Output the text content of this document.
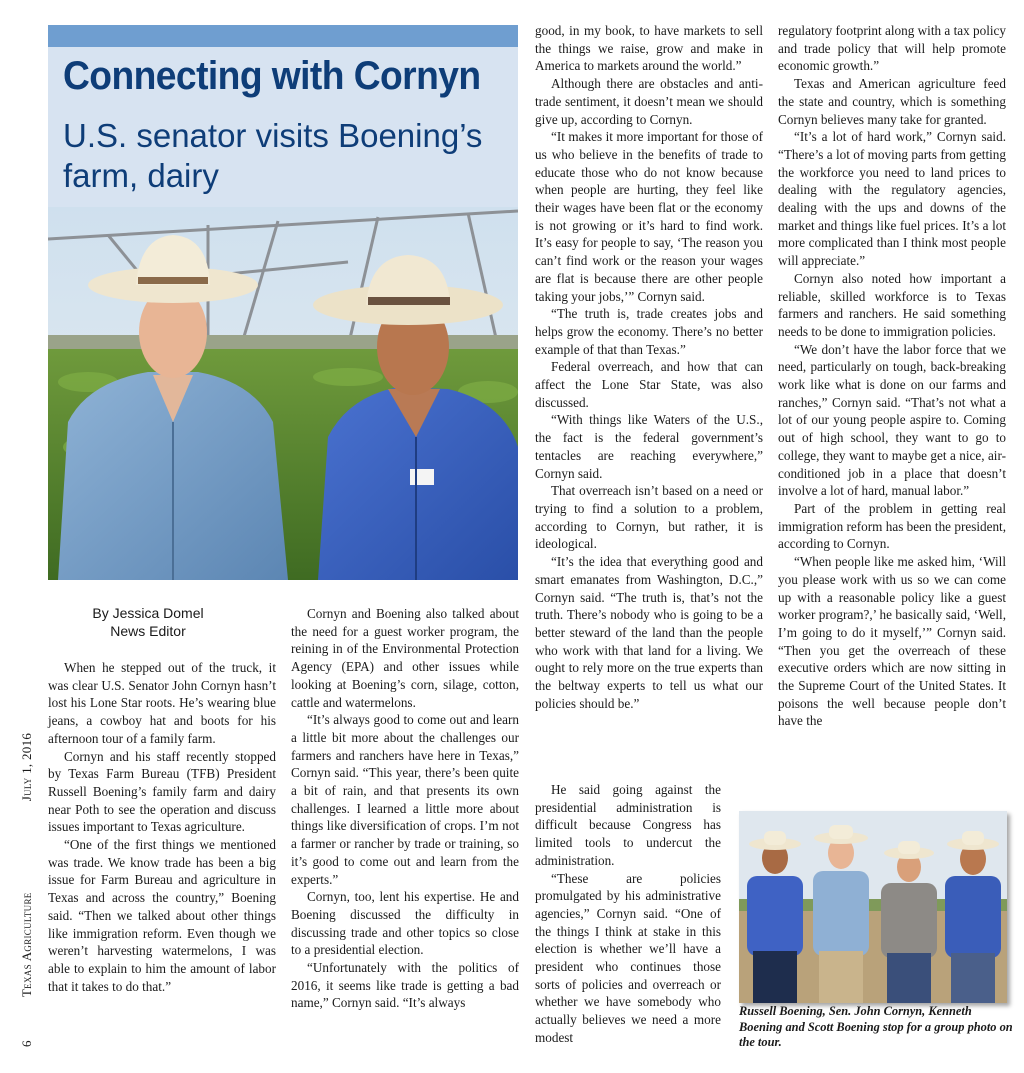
Connecting with Cornyn
U.S. senator visits Boening’s farm, dairy
By Jessica Domel
News Editor
6  Texas Agriculture  July 1, 2016

When he stepped out of the truck, it was clear U.S. Senator John Cornyn hasn’t lost his Lone Star roots. He’s wearing blue jeans, a cowboy hat and boots for his afternoon tour of a family farm.

Cornyn and his staff recently stopped by Texas Farm Bureau (TFB) President Russell Boening’s family farm and dairy near Poth to see the operation and discuss issues important to Texas agriculture.

“One of the first things we mentioned was trade. We know trade has been a big issue for Farm Bureau and agriculture in Texas and across the country,” Boening said. “Then we talked about other things like immigration reform. Even though we weren’t harvesting watermelons, I was able to explain to him the amount of labor that it takes to do that.”

Cornyn and Boening also talked about the need for a guest worker program, the reining in of the Environmental Protection Agency (EPA) and other issues while looking at Boening’s corn, silage, cotton, cattle and watermelons.

“It’s always good to come out and learn a little bit more about the challenges our farmers and ranchers have here in Texas,” Cornyn said. “This year, there’s been quite a bit of rain, and that presents its own challenges. I learned a little more about things like diversification of crops. I’m not a farmer or rancher by trade or training, so it’s good to come out and learn from the experts.”

Cornyn, too, lent his expertise. He and Boening discussed the difficulty in discussing trade and other topics so close to a presidential election.

“Unfortunately with the politics of 2016, it seems like trade is getting a bad name,” Cornyn said. “It’s always

good, in my book, to have markets to sell the things we raise, grow and make in America to markets around the world.”

Although there are obstacles and anti-trade sentiment, it doesn’t mean we should give up, according to Cornyn.

“It makes it more important for those of us who believe in the benefits of trade to educate those who do not know because when people are hurting, they feel like their wages have been flat or the economy is not growing or it’s hard to find work. It’s easy for people to say, ‘The reason you can’t find work or the reason your wages are flat is because there are other people taking your jobs,’” Cornyn said.

“The truth is, trade creates jobs and helps grow the economy. There’s no better example of that than Texas.”

Federal overreach, and how that can affect the Lone Star State, was also discussed.

“With things like Waters of the U.S., the fact is the federal government’s tentacles are reaching everywhere,” Cornyn said.

That overreach isn’t based on a need or trying to find a solution to a problem, according to Cornyn, but rather, it is ideological.

“It’s the idea that everything good and smart emanates from Washington, D.C.,” Cornyn said. “The truth is, that’s not the truth. There’s nobody who is going to be a better steward of the land than the people who work with that land for a living. We ought to rely more on the true experts than the beltway experts to tell us what our policies should be.”

He said going against the presidential administration is difficult because Congress has limited tools to undercut the administration.

“These are policies promulgated by his administrative agencies,” Cornyn said. “One of the things I think at stake in this election is whether we’ll have a president who continues those sorts of policies and overreach or whether we have somebody who actually believes we need a more modest

regulatory footprint along with a tax policy and trade policy that will help promote economic growth.”

Texas and American agriculture feed the state and country, which is something Cornyn believes many take for granted.

“It’s a lot of hard work,” Cornyn said. “There’s a lot of moving parts from getting the workforce you need to land prices to dealing with the regulatory agencies, dealing with the ups and downs of the market and things like fuel prices. It’s a lot more complicated than I think most people will appreciate.”

Cornyn also noted how important a reliable, skilled workforce is to Texas farmers and ranchers. He said something needs to be done to immigration policies.

“We don’t have the labor force that we need, particularly on tough, back-breaking work like what is done on our farms and ranches,” Cornyn said. “That’s not what a lot of our young people aspire to. Coming out of high school, they want to go to college, they want to maybe get a nice, air-conditioned job in a place that doesn’t involve a lot of hard, manual labor.”

Part of the problem in getting real immigration reform has been the president, according to Cornyn.

“When people like me asked him, ‘Will you please work with us so we can come up with a reasonable policy like a guest worker program?,’ he basically said, ‘Well, I’m going to do it myself,’” Cornyn said. “Then you get the overreach of these executive orders which are now sitting in the Supreme Court of the United States. It poisons the well because people don’t have the

Russell Boening, Sen. John Cornyn, Kenneth Boening and Scott Boening stop for a group photo on the tour.
